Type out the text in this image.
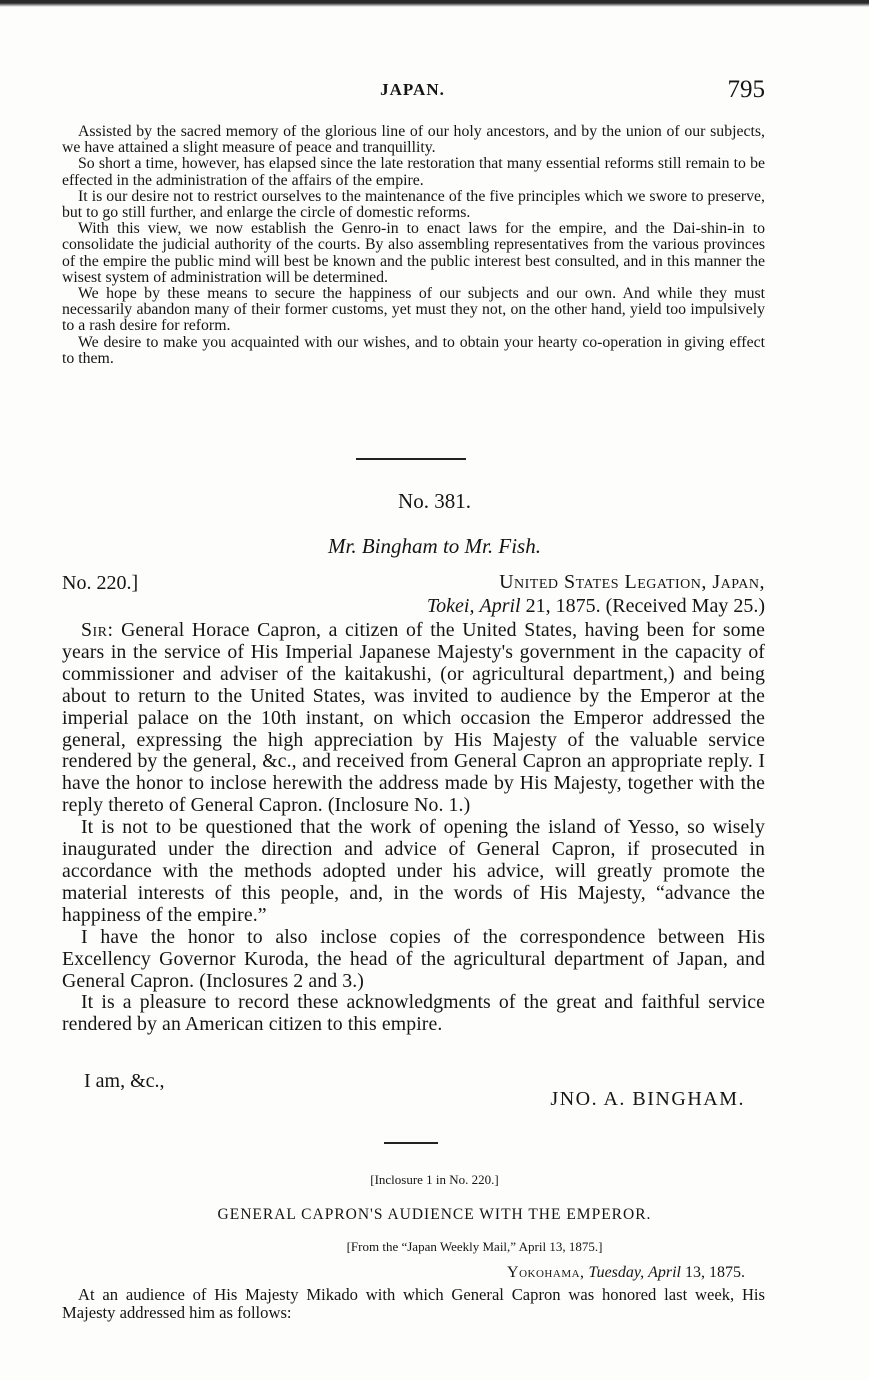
JAPAN.	795

Assisted by the sacred memory of the glorious line of our holy ancestors, and by the union of our subjects, we have attained a slight measure of peace and tranquillity.

So short a time, however, has elapsed since the late restoration that many essential reforms still remain to be effected in the administration of the affairs of the empire.

It is our desire not to restrict ourselves to the maintenance of the five principles which we swore to preserve, but to go still further, and enlarge the circle of domestic reforms.

With this view, we now establish the Genro-in to enact laws for the empire, and the Dai-shin-in to consolidate the judicial authority of the courts. By also assembling representatives from the various provinces of the empire the public mind will best be known and the public interest best consulted, and in this manner the wisest system of administration will be determined.

We hope by these means to secure the happiness of our subjects and our own. And while they must necessarily abandon many of their former customs, yet must they not, on the other hand, yield too impulsively to a rash desire for reform.

We desire to make you acquainted with our wishes, and to obtain your hearty co-operation in giving effect to them.

No. 381.
Mr. Bingham to Mr. Fish.
No. 220.]	United States Legation, Japan,
Tokei, April 21, 1875. (Received May 25.)

Sir: General Horace Capron, a citizen of the United States, having been for some years in the service of His Imperial Japanese Majesty's government in the capacity of commissioner and adviser of the kaitakushi, (or agricultural department,) and being about to return to the United States, was invited to audience by the Emperor at the imperial palace on the 10th instant, on which occasion the Emperor addressed the general, expressing the high appreciation by His Majesty of the valuable service rendered by the general, &c., and received from General Capron an appropriate reply. I have the honor to inclose herewith the address made by His Majesty, together with the reply thereto of General Capron. (Inclosure No. 1.)

It is not to be questioned that the work of opening the island of Yesso, so wisely inaugurated under the direction and advice of General Capron, if prosecuted in accordance with the methods adopted under his advice, will greatly promote the material interests of this people, and, in the words of His Majesty, “advance the happiness of the empire.”

I have the honor to also inclose copies of the correspondence between His Excellency Governor Kuroda, the head of the agricultural department of Japan, and General Capron. (Inclosures 2 and 3.)

It is a pleasure to record these acknowledgments of the great and faithful service rendered by an American citizen to this empire.

I am, &c.,
JNO. A. BINGHAM.
[Inclosure 1 in No. 220.]
GENERAL CAPRON'S AUDIENCE WITH THE EMPEROR.
[From the “Japan Weekly Mail,” April 13, 1875.]
Yokohama, Tuesday, April 13, 1875.

At an audience of His Majesty Mikado with which General Capron was honored last week, His Majesty addressed him as follows:
